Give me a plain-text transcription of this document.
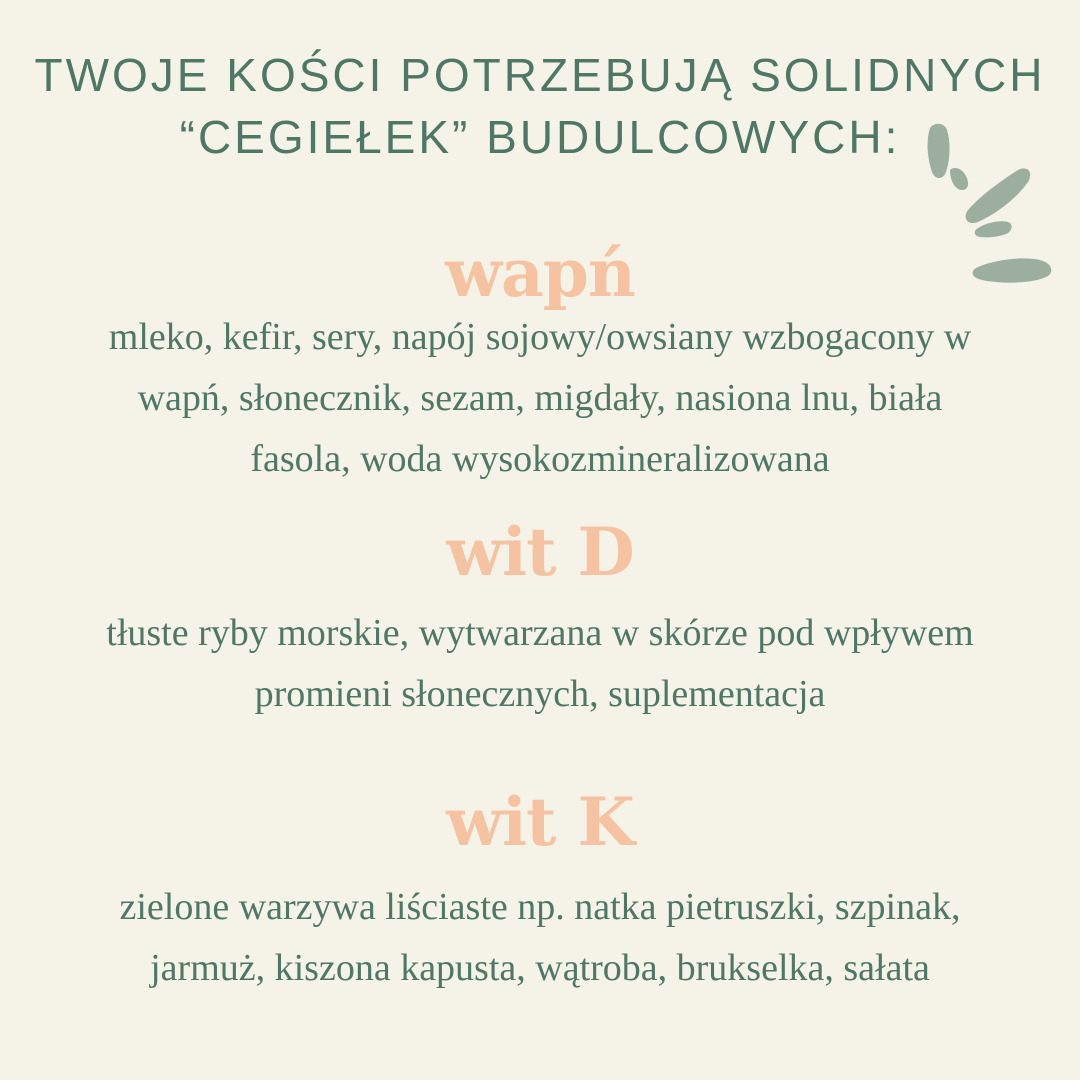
TWOJE KOŚCI POTRZEBUJĄ SOLIDNYCH
“CEGIEŁEK” BUDULCOWYCH:
wapń

mleko, kefir, sery, napój sojowy/owsiany wzbogacony w
wapń, słonecznik, sezam, migdały, nasiona lnu, biała
fasola, woda wysokozmineralizowana

wit D

tłuste ryby morskie, wytwarzana w skórze pod wpływem
promieni słonecznych, suplementacja

wit K

zielone warzywa liściaste np. natka pietruszki, szpinak,
jarmuż, kiszona kapusta, wątroba, brukselka, sałata
